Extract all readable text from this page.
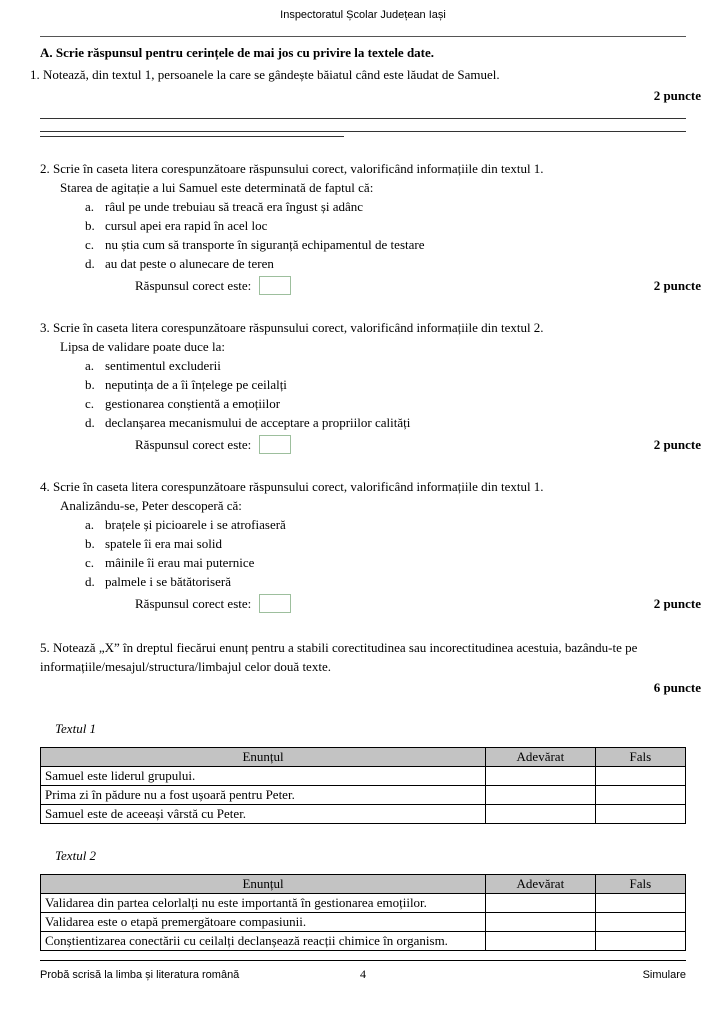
Inspectoratul Școlar Județean Iași
A. Scrie răspunsul pentru cerințele de mai jos cu privire la textele date.

1. Notează, din textul 1, persoanele la care se gândește băiatul când este lăudat de Samuel.

2 puncte

2. Scrie în caseta litera corespunzătoare răspunsului corect, valorificând informațiile din textul 1.

Starea de agitație a lui Samuel este determinată de faptul că:

a. râul pe unde trebuiau să treacă era îngust și adânc
b. cursul apei era rapid în acel loc
c. nu știa cum să transporte în siguranță echipamentul de testare
d. au dat peste o alunecare de teren
Răspunsul corect este:	2 puncte

3. Scrie în caseta litera corespunzătoare răspunsului corect, valorificând informațiile din textul 2.

Lipsa de validare poate duce la:

a. sentimentul excluderii
b. neputința de a îi înțelege pe ceilalți
c. gestionarea conștientă a emoțiilor
d. declanșarea mecanismului de acceptare a propriilor calități
Răspunsul corect este:	2 puncte

4. Scrie în caseta litera corespunzătoare răspunsului corect, valorificând informațiile din textul 1.

Analizându-se, Peter descoperă că:

a. brațele și picioarele i se atrofiaseră
b. spatele îi era mai solid
c. mâinile îi erau mai puternice
d. palmele i se bătătoriseră
Răspunsul corect este:	2 puncte

5. Notează „X” în dreptul fiecărui enunț pentru a stabili corectitudinea sau incorectitudinea acestuia, bazându-te pe informațiile/mesajul/structura/limbajul celor două texte.

6 puncte
Textul 1
Enunțul	Adevărat	Fals
Samuel este liderul grupului.		
Prima zi în pădure nu a fost ușoară pentru Peter.		
Samuel este de aceeași vârstă cu Peter.		
Textul 2
Enunțul	Adevărat	Fals
Validarea din partea celorlalți nu este importantă în gestionarea emoțiilor.		
Validarea este o etapă premergătoare compasiunii.		
Conștientizarea conectării cu ceilalți declanșează reacții chimice în organism.		
Probă scrisă la limba și literatura română	4	Simulare
